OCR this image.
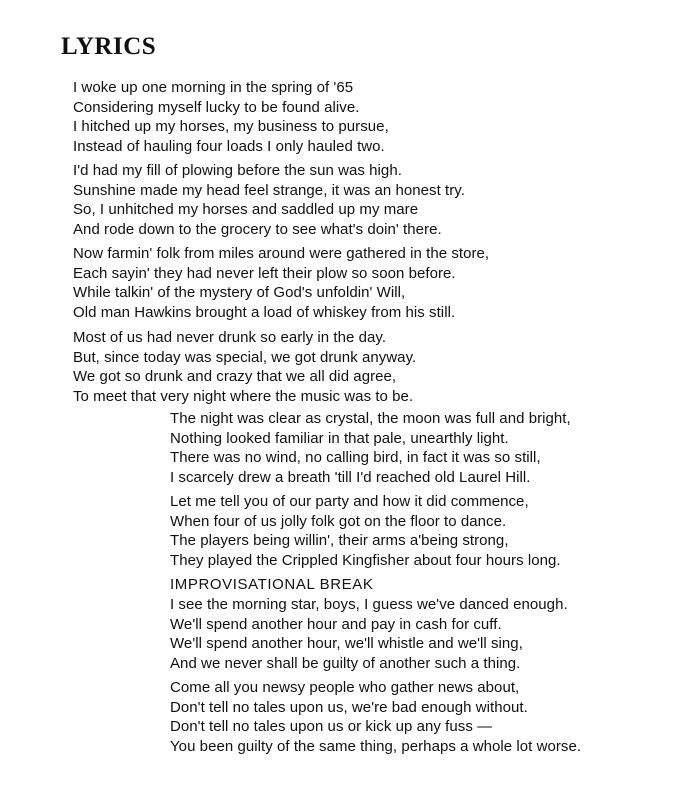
LYRICS
I woke up one morning in the spring of '65
Considering myself lucky to be found alive.
I hitched up my horses, my business to pursue,
Instead of hauling four loads I only hauled two.
I'd had my fill of plowing before the sun was high.
Sunshine made my head feel strange, it was an honest try.
So, I unhitched my horses and saddled up my mare
And rode down to the grocery to see what's doin' there.
Now farmin' folk from miles around were gathered in the store,
Each sayin' they had never left their plow so soon before.
While talkin' of the mystery of God's unfoldin' Will,
Old man Hawkins brought a load of whiskey from his still.
Most of us had never drunk so early in the day.
But, since today was special, we got drunk anyway.
We got so drunk and crazy that we all did agree,
To meet that very night where the music was to be.
The night was clear as crystal, the moon was full and bright,
Nothing looked familiar in that pale, unearthly light.
There was no wind, no calling bird, in fact it was so still,
I scarcely drew a breath 'till I'd reached old Laurel Hill.
Let me tell you of our party and how it did commence,
When four of us jolly folk got on the floor to dance.
The players being willin', their arms a'being strong,
They played the Crippled Kingfisher about four hours long.
IMPROVISATIONAL BREAK
I see the morning star, boys, I guess we've danced enough.
We'll spend another hour and pay in cash for cuff.
We'll spend another hour, we'll whistle and we'll sing,
And we never shall be guilty of another such a thing.
Come all you newsy people who gather news about,
Don't tell no tales upon us, we're bad enough without.
Don't tell no tales upon us or kick up any fuss —
You been guilty of the same thing, perhaps a whole lot worse.
